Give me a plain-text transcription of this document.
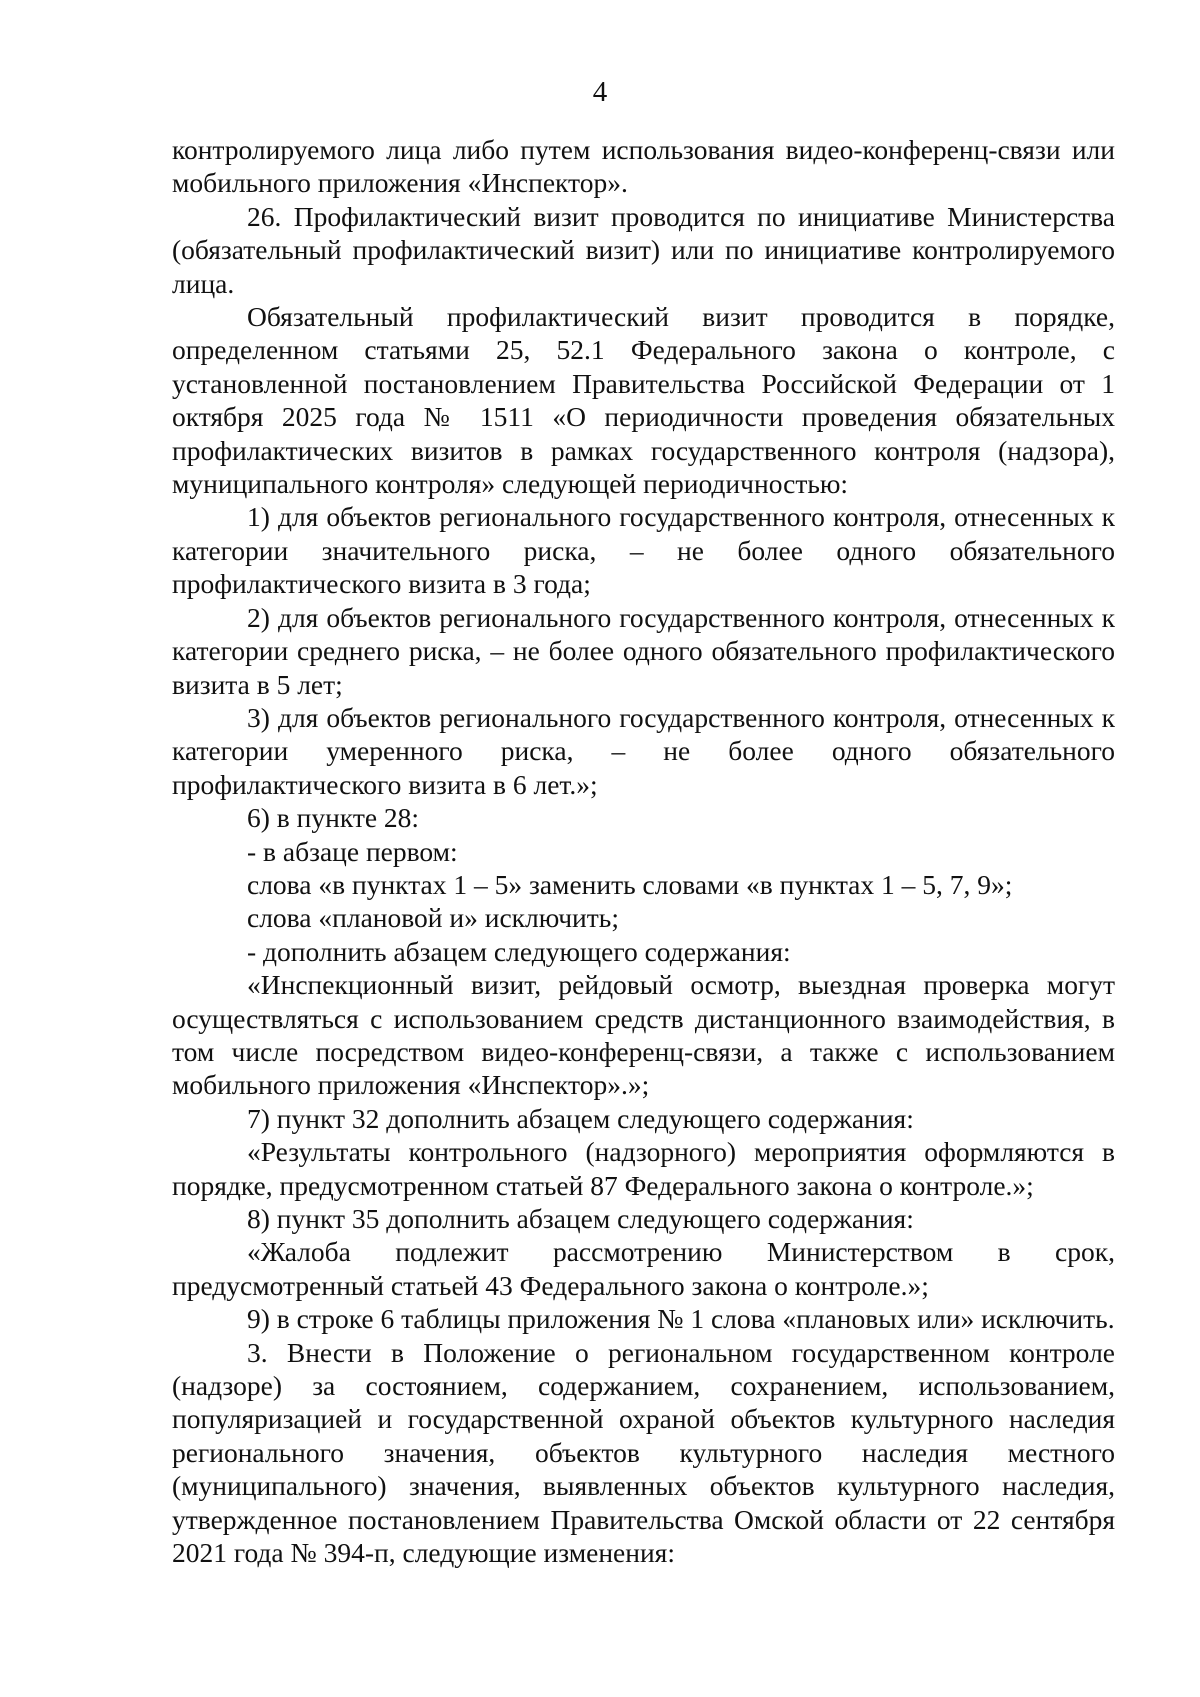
4

контролируемого лица либо путем использования видео-конференц-связи или мобильного приложения «Инспектор».

26. Профилактический визит проводится по инициативе Министерства (обязательный профилактический визит) или по инициативе контролируемого лица.

Обязательный профилактический визит проводится в порядке, определенном статьями 25, 52.1 Федерального закона о контроле, с установленной постановлением Правительства Российской Федерации от 1 октября 2025 года № 1511 «О периодичности проведения обязательных профилактических визитов в рамках государственного контроля (надзора), муниципального контроля» следующей периодичностью:

1) для объектов регионального государственного контроля, отнесенных к категории значительного риска, – не более одного обязательного профилактического визита в 3 года;

2) для объектов регионального государственного контроля, отнесенных к категории среднего риска, – не более одного обязательного профилактического визита в 5 лет;

3) для объектов регионального государственного контроля, отнесенных к категории умеренного риска, – не более одного обязательного профилактического визита в 6 лет.»;

6) в пункте 28:

- в абзаце первом:

слова «в пунктах 1 – 5» заменить словами «в пунктах 1 – 5, 7, 9»;

слова «плановой и» исключить;

- дополнить абзацем следующего содержания:

«Инспекционный визит, рейдовый осмотр, выездная проверка могут осуществляться с использованием средств дистанционного взаимодействия, в том числе посредством видео-конференц-связи, а также с использованием мобильного приложения «Инспектор».»;

7) пункт 32 дополнить абзацем следующего содержания:

«Результаты контрольного (надзорного) мероприятия оформляются в порядке, предусмотренном статьей 87 Федерального закона о контроле.»;

8) пункт 35 дополнить абзацем следующего содержания:

«Жалоба подлежит рассмотрению Министерством в срок, предусмотренный статьей 43 Федерального закона о контроле.»;

9) в строке 6 таблицы приложения № 1 слова «плановых или» исключить.

3. Внести в Положение о региональном государственном контроле (надзоре) за состоянием, содержанием, сохранением, использованием, популяризацией и государственной охраной объектов культурного наследия регионального значения, объектов культурного наследия местного (муниципального) значения, выявленных объектов культурного наследия, утвержденное постановлением Правительства Омской области от 22 сентября 2021 года № 394-п, следующие изменения:
